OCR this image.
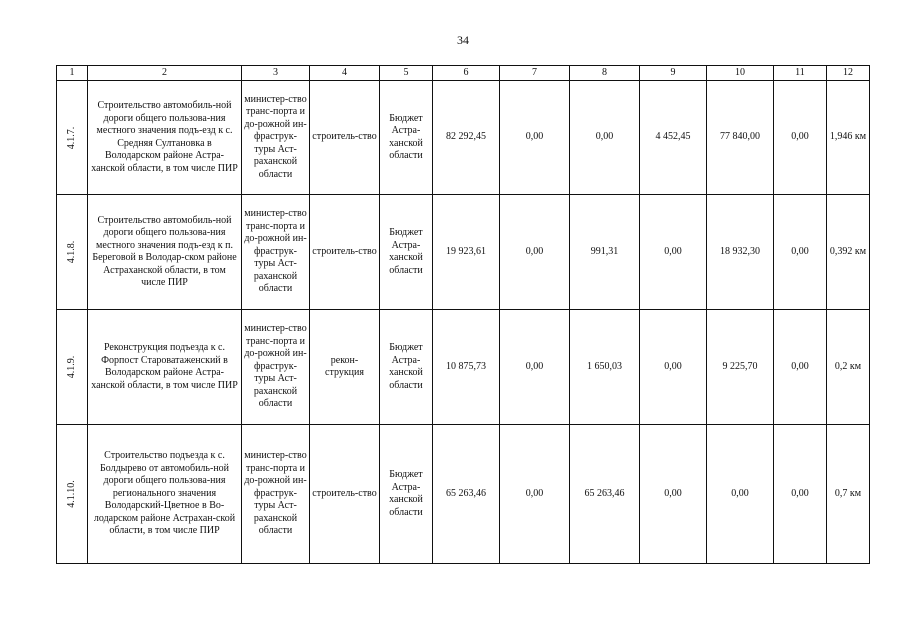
34
1	2	3	4	5	6	7	8	9	10	11	12

4.1.7.	Строительство автомобиль-ной дороги общего пользова-ния местного значения подъ-езд к с. Средняя Султановка в Володарском районе Астра-ханской области, в том числе ПИР	министер-ство транс-порта и до-рожной ин-фраструк-туры Аст-раханской области	строитель-ство	Бюджет Астра-ханской области	82 292,45	0,00	0,00	4 452,45	77 840,00	0,00	1,946 км

4.1.8.	Строительство автомобиль-ной дороги общего пользова-ния местного значения подъ-езд к п. Береговой в Володар-ском районе Астраханской области, в том числе ПИР	министер-ство транс-порта и до-рожной ин-фраструк-туры Аст-раханской области	строитель-ство	Бюджет Астра-ханской области	19 923,61	0,00	991,31	0,00	18 932,30	0,00	0,392 км

4.1.9.	Реконструкция подъезда к с. Форпост Староватаженский в Володарском районе Астра-ханской области, в том числе ПИР	министер-ство транс-порта и до-рожной ин-фраструк-туры Аст-раханской области	рекон-струкция	Бюджет Астра-ханской области	10 875,73	0,00	1 650,03	0,00	9 225,70	0,00	0,2 км

4.1.10.	Строительство подъезда к с. Болдырево от автомобиль-ной дороги общего пользова-ния регионального значения Володарский-Цветное в Во-лодарском районе Астрахан-ской области, в том числе ПИР	министер-ство транс-порта и до-рожной ин-фраструк-туры Аст-раханской области	строитель-ство	Бюджет Астра-ханской области	65 263,46	0,00	65 263,46	0,00	0,00	0,00	0,7 км
